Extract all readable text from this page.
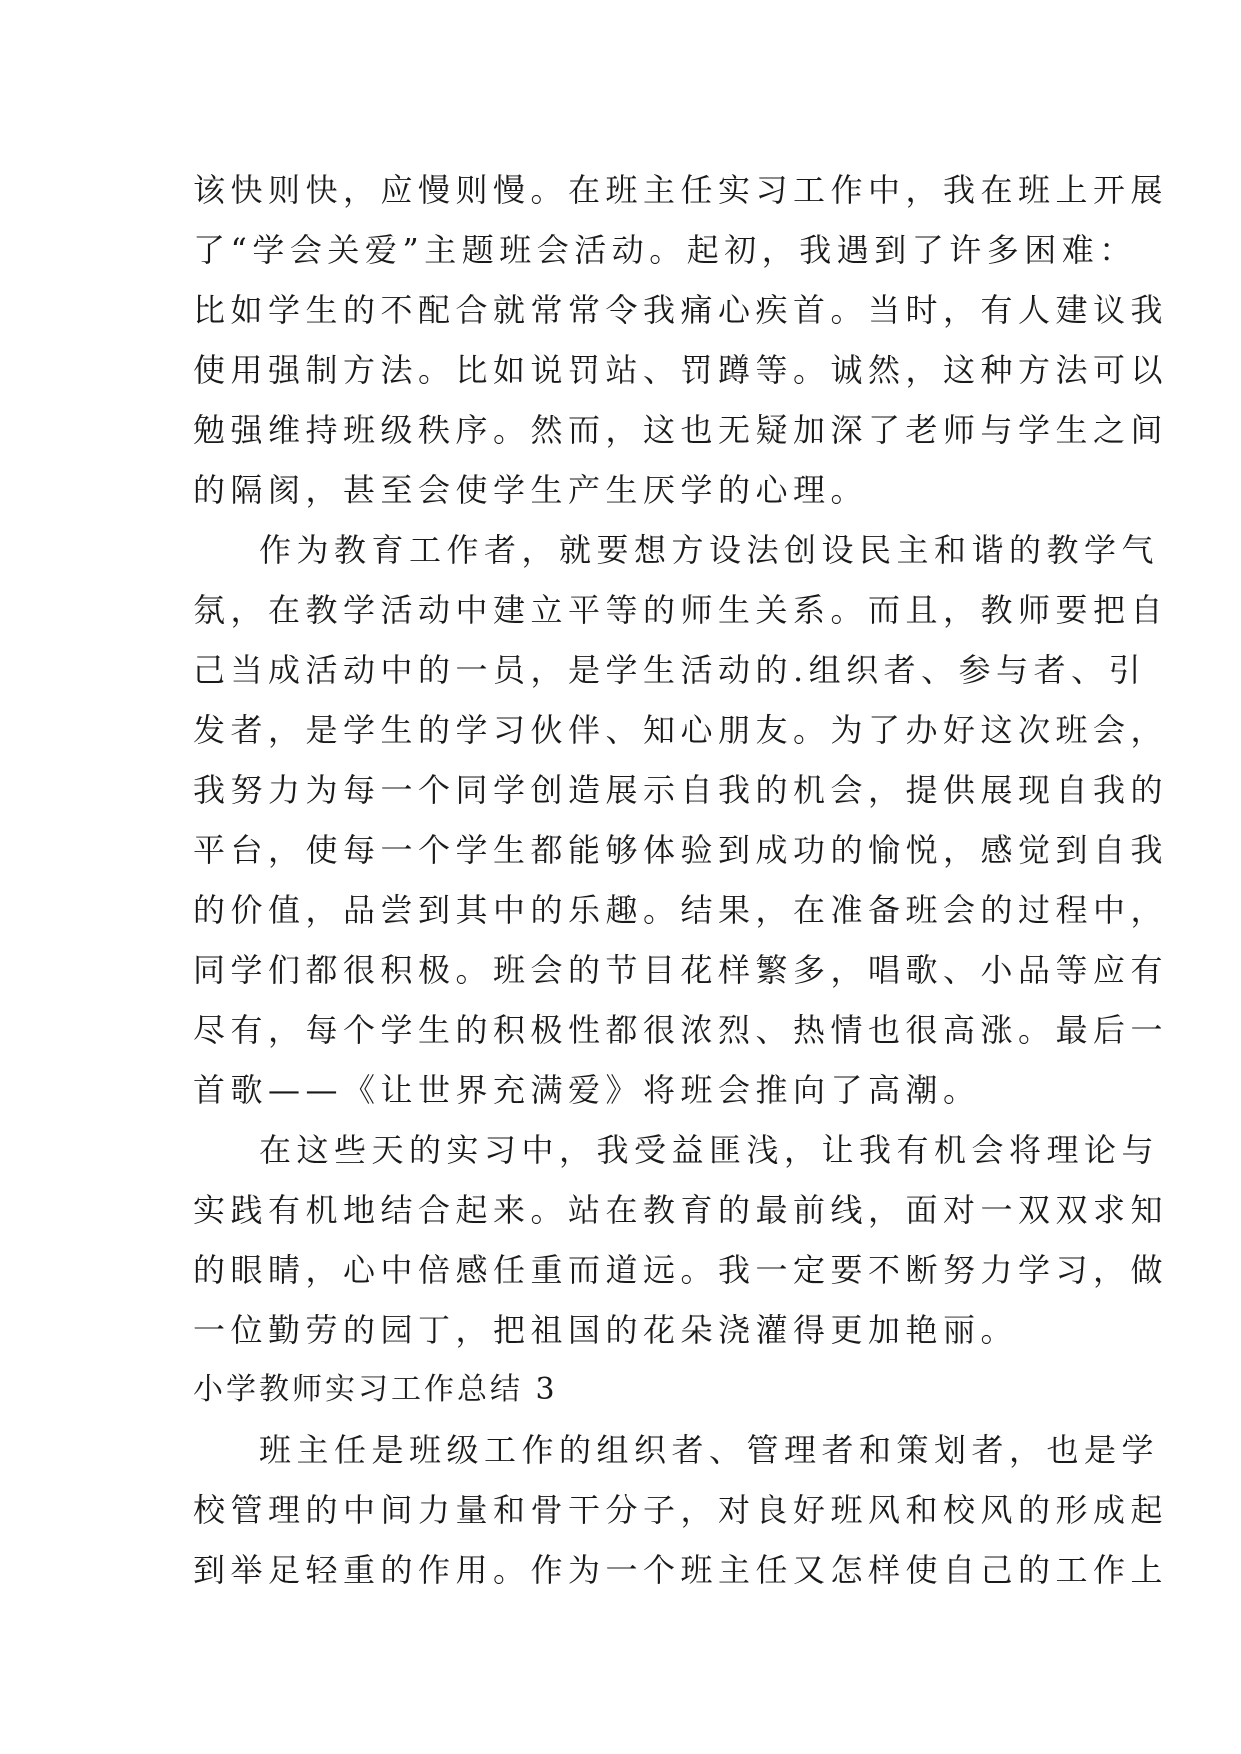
该快则快，应慢则慢。在班主任实习工作中，我在班上开展
了“学会关爱”主题班会活动。起初，我遇到了许多困难：
比如学生的不配合就常常令我痛心疾首。当时，有人建议我
使用强制方法。比如说罚站、罚蹲等。诚然，这种方法可以
勉强维持班级秩序。然而，这也无疑加深了老师与学生之间
的隔阂，甚至会使学生产生厌学的心理。
作为教育工作者，就要想方设法创设民主和谐的教学气
氛，在教学活动中建立平等的师生关系。而且，教师要把自
己当成活动中的一员，是学生活动的.组织者、参与者、引
发者，是学生的学习伙伴、知心朋友。为了办好这次班会，
我努力为每一个同学创造展示自我的机会，提供展现自我的
平台，使每一个学生都能够体验到成功的愉悦，感觉到自我
的价值，品尝到其中的乐趣。结果，在准备班会的过程中，
同学们都很积极。班会的节目花样繁多，唱歌、小品等应有
尽有，每个学生的积极性都很浓烈、热情也很高涨。最后一
首歌——《让世界充满爱》将班会推向了高潮。
在这些天的实习中，我受益匪浅，让我有机会将理论与
实践有机地结合起来。站在教育的最前线，面对一双双求知
的眼睛，心中倍感任重而道远。我一定要不断努力学习，做
一位勤劳的园丁，把祖国的花朵浇灌得更加艳丽。
小学教师实习工作总结 3
班主任是班级工作的组织者、管理者和策划者，也是学
校管理的中间力量和骨干分子，对良好班风和校风的形成起
到举足轻重的作用。作为一个班主任又怎样使自己的工作上
